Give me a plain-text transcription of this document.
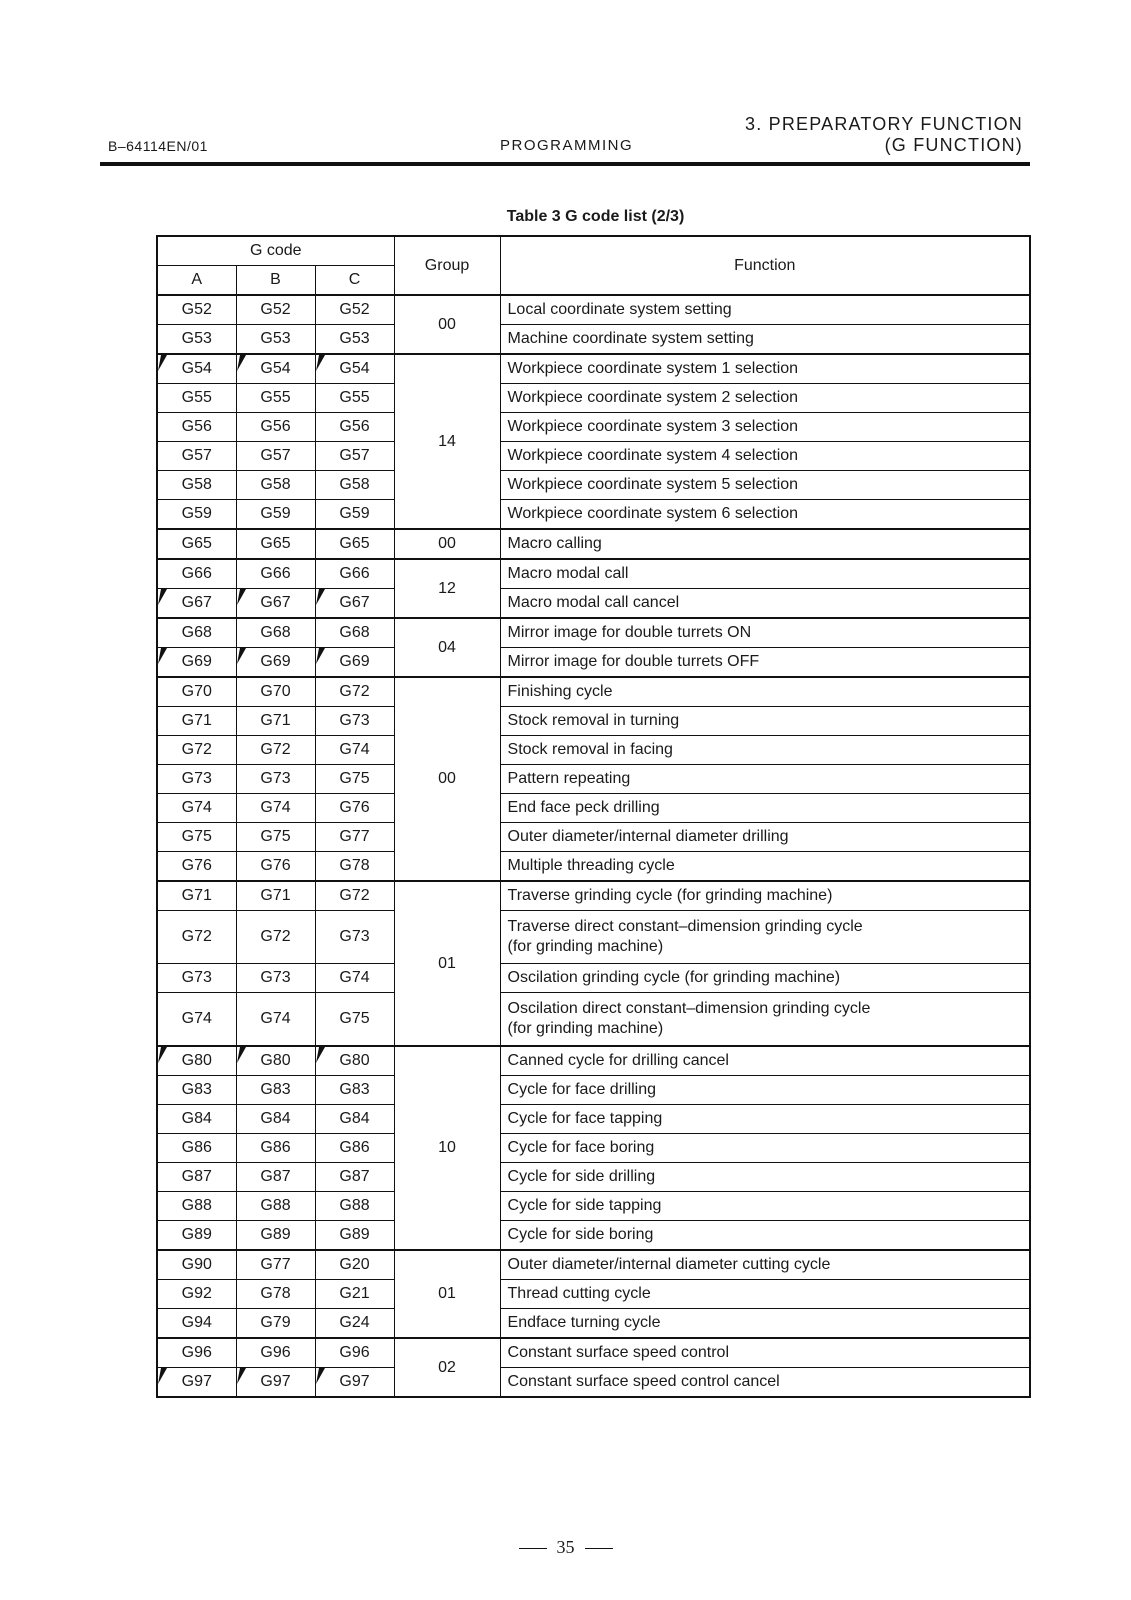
B–64114EN/01	PROGRAMMING
3. PREPARATORY FUNCTION
(G FUNCTION)
Table 3 G code list (2/3)
G code			Group	Function
A	B	C		
G52	G52	G52	00	Local coordinate system setting

G53	G53	G53		Machine coordinate system setting

G54	G54	G54	14	Workpiece coordinate system 1 selection

G55	G55	G55		Workpiece coordinate system 2 selection

G56	G56	G56		Workpiece coordinate system 3 selection

G57	G57	G57		Workpiece coordinate system 4 selection

G58	G58	G58		Workpiece coordinate system 5 selection

G59	G59	G59		Workpiece coordinate system 6 selection

G65	G65	G65	00	Macro calling

G66	G66	G66	12	Macro modal call

G67	G67	G67		Macro modal call cancel

G68	G68	G68	04	Mirror image for double turrets ON

G69	G69	G69		Mirror image for double turrets OFF

G70	G70	G72	00	Finishing cycle

G71	G71	G73		Stock removal in turning

G72	G72	G74		Stock removal in facing

G73	G73	G75		Pattern repeating

G74	G74	G76		End face peck drilling

G75	G75	G77		Outer diameter/internal diameter drilling

G76	G76	G78		Multiple threading cycle

G71	G71	G72	01	Traverse grinding cycle (for grinding machine)

G72	G72	G73		Traverse direct constant–dimension grinding cycle
(for grinding machine)

G73	G73	G74		Oscilation grinding cycle (for grinding machine)

G74	G74	G75		Oscilation direct constant–dimension grinding cycle
(for grinding machine)

G80	G80	G80	10	Canned cycle for drilling cancel

G83	G83	G83		Cycle for face drilling

G84	G84	G84		Cycle for face tapping

G86	G86	G86		Cycle for face boring

G87	G87	G87		Cycle for side drilling

G88	G88	G88		Cycle for side tapping

G89	G89	G89		Cycle for side boring

G90	G77	G20	01	Outer diameter/internal diameter cutting cycle

G92	G78	G21		Thread cutting cycle

G94	G79	G24		Endface turning cycle

G96	G96	G96	02	Constant surface speed control

G97	G97	G97		Constant surface speed control cancel
35
